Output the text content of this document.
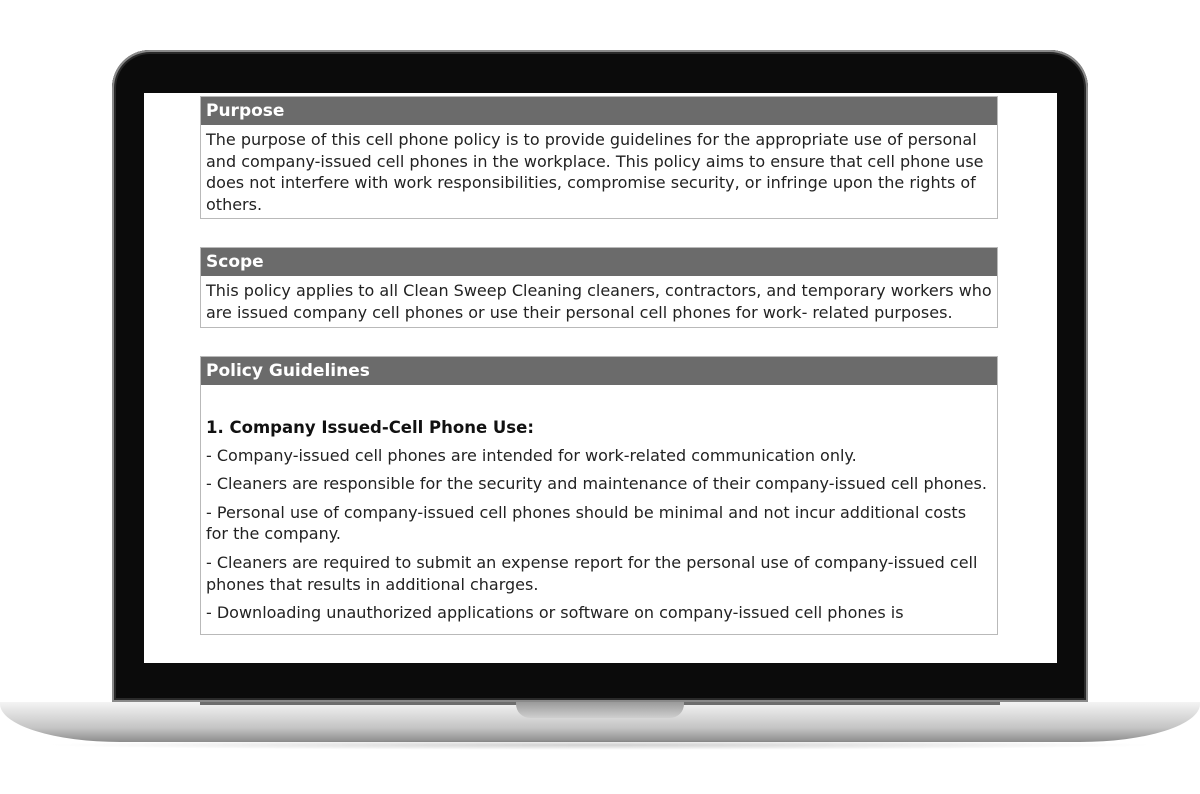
Purpose
The purpose of this cell phone policy is to provide guidelines for the appropriate use of personal and company-issued cell phones in the workplace. This policy aims to ensure that cell phone use does not interfere with work responsibilities, compromise security, or infringe upon the rights of others.
Scope
This policy applies to all Clean Sweep Cleaning cleaners, contractors, and temporary workers who are issued company cell phones or use their personal cell phones for work- related purposes.
Policy Guidelines
1. Company Issued-Cell Phone Use:
- Company-issued cell phones are intended for work-related communication only.
- Cleaners are responsible for the security and maintenance of their company-issued cell phones.
- Personal use of company-issued cell phones should be minimal and not incur additional costs for the company.
- Cleaners are required to submit an expense report for the personal use of company-issued cell phones that results in additional charges.
- Downloading unauthorized applications or software on company-issued cell phones is
